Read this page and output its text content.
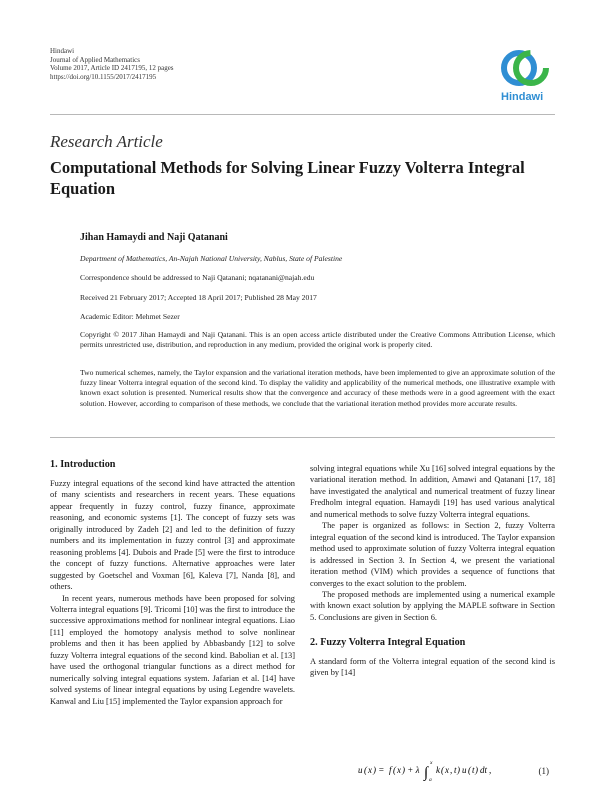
Hindawi
Journal of Applied Mathematics
Volume 2017, Article ID 2417195, 12 pages
https://doi.org/10.1155/2017/2417195
Hindawi
Research Article
Computational Methods for Solving Linear Fuzzy Volterra Integral Equation
Jihan Hamaydi and Naji Qatanani
Department of Mathematics, An-Najah National University, Nablus, State of Palestine
Correspondence should be addressed to Naji Qatanani; nqatanani@najah.edu
Received 21 February 2017; Accepted 18 April 2017; Published 28 May 2017
Academic Editor: Mehmet Sezer
Copyright © 2017 Jihan Hamaydi and Naji Qatanani. This is an open access article distributed under the Creative Commons Attribution License, which permits unrestricted use, distribution, and reproduction in any medium, provided the original work is properly cited.
Two numerical schemes, namely, the Taylor expansion and the variational iteration methods, have been implemented to give an approximate solution of the fuzzy linear Volterra integral equation of the second kind. To display the validity and applicability of the numerical methods, one illustrative example with known exact solution is presented. Numerical results show that the convergence and accuracy of these methods were in a good agreement with the exact solution. However, according to comparison of these methods, we conclude that the variational iteration method provides more accurate results.
1. Introduction

Fuzzy integral equations of the second kind have attracted the attention of many scientists and researchers in recent years. These equations appear frequently in fuzzy control, fuzzy finance, approximate reasoning, and economic systems [1]. The concept of fuzzy sets was originally introduced by Zadeh [2] and led to the definition of fuzzy numbers and its implementation in fuzzy control [3] and approximate reasoning problems [4]. Dubois and Prade [5] were the first to introduce the concept of fuzzy functions. Alternative approaches were later suggested by Goetschel and Voxman [6], Kaleva [7], Nanda [8], and others.

In recent years, numerous methods have been proposed for solving Volterra integral equations [9]. Tricomi [10] was the first to introduce the successive approximations method for nonlinear integral equations. Liao [11] employed the homotopy analysis method to solve nonlinear problems and then it has been applied by Abbasbandy [12] to solve fuzzy Volterra integral equations of the second kind. Babolian et al. [13] have used the orthogonal triangular functions as a direct method for numerically solving integral equations system. Jafarian et al. [14] have solved systems of linear integral equations by using Legendre wavelets. Kanwal and Liu [15] implemented the Taylor expansion approach for

solving integral equations while Xu [16] solved integral equations by the variational iteration method. In addition, Amawi and Qatanani [17, 18] have investigated the analytical and numerical treatment of fuzzy linear Fredholm integral equation. Hamaydi [19] has used various analytical and numerical methods to solve fuzzy Volterra integral equations.

The paper is organized as follows: in Section 2, fuzzy Volterra integral equation of the second kind is introduced. The Taylor expansion method used to approximate solution of fuzzy Volterra integral equation is addressed in Section 3. In Section 4, we present the variational iteration method (VIM) which provides a sequence of functions that converges to the exact solution to the problem.

The proposed methods are implemented using a numerical example with known exact solution by applying the MAPLE software in Section 5. Conclusions are given in Section 6.

2. Fuzzy Volterra Integral Equation

A standard form of the Volterra integral equation of the second kind is given by [14]

u ( x ) = f ( x ) + λ ∫
x
a
k ( x , t ) u ( t ) dt ,	(1)
